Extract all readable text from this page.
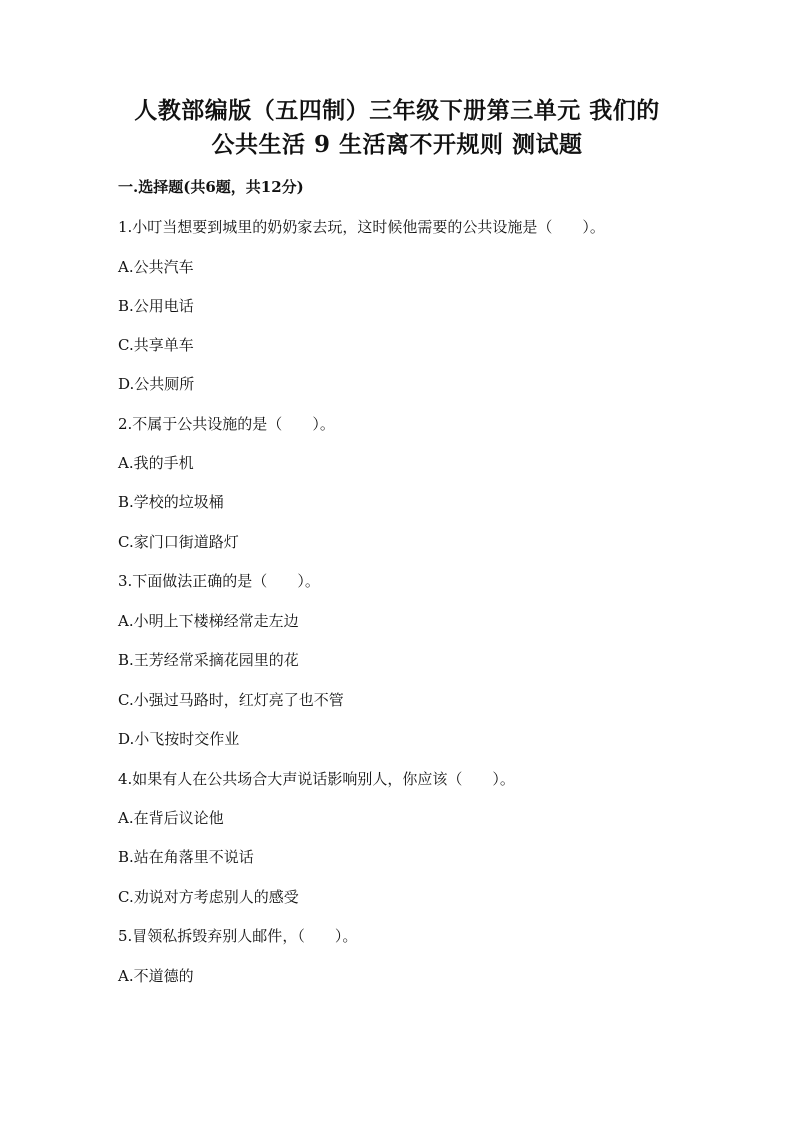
人教部编版（五四制）三年级下册第三单元 我们的
公共生活 9 生活离不开规则 测试题
一.选择题(共6题，共12分)
1.小叮当想要到城里的奶奶家去玩，这时候他需要的公共设施是（　　）。
A.公共汽车
B.公用电话
C.共享单车
D.公共厕所
2.不属于公共设施的是（　　）。
A.我的手机
B.学校的垃圾桶
C.家门口街道路灯
3.下面做法正确的是（　　）。
A.小明上下楼梯经常走左边
B.王芳经常采摘花园里的花
C.小强过马路时，红灯亮了也不管
D.小飞按时交作业
4.如果有人在公共场合大声说话影响别人，你应该（　　）。
A.在背后议论他
B.站在角落里不说话
C.劝说对方考虑别人的感受
5.冒领私拆毁弃别人邮件，（　　）。
A.不道德的
